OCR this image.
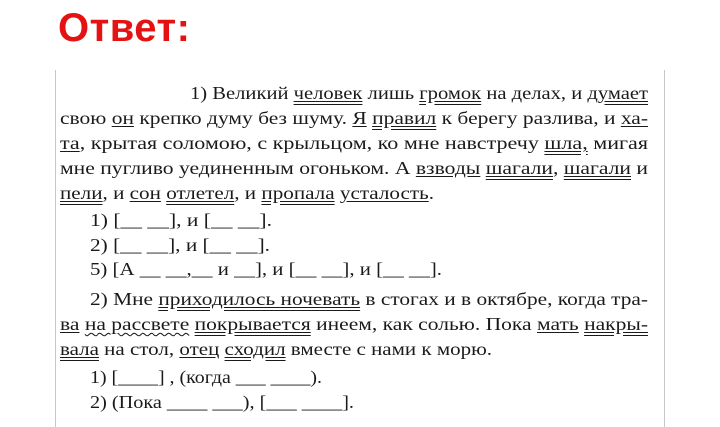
Ответ:
1) Великий человек лишь громок на делах, и думает
свою он крепко думу без шуму. Я правил к берегу разлива, и ха-
та, крытая соломою, с крыльцом, ко мне навстречу шла, мигая
мне пугливо уединенным огоньком. А взводы шагали, шагали и
пели, и сон отлетел, и пропала усталость.
1) [__ __], и [__ __].
2) [__ __], и [__ __].
5) [А __ __,__ и __], и [__ __], и [__ __].
2) Мне приходилось ночевать в стогах и в октябре, когда тра-
ва на рассвете покрывается инеем, как солью. Пока мать накры-
вала на стол, отец сходил вместе с нами к морю.
1) [____] , (когда ___ ____).
2) (Пока ____ ___), [___ ____].
